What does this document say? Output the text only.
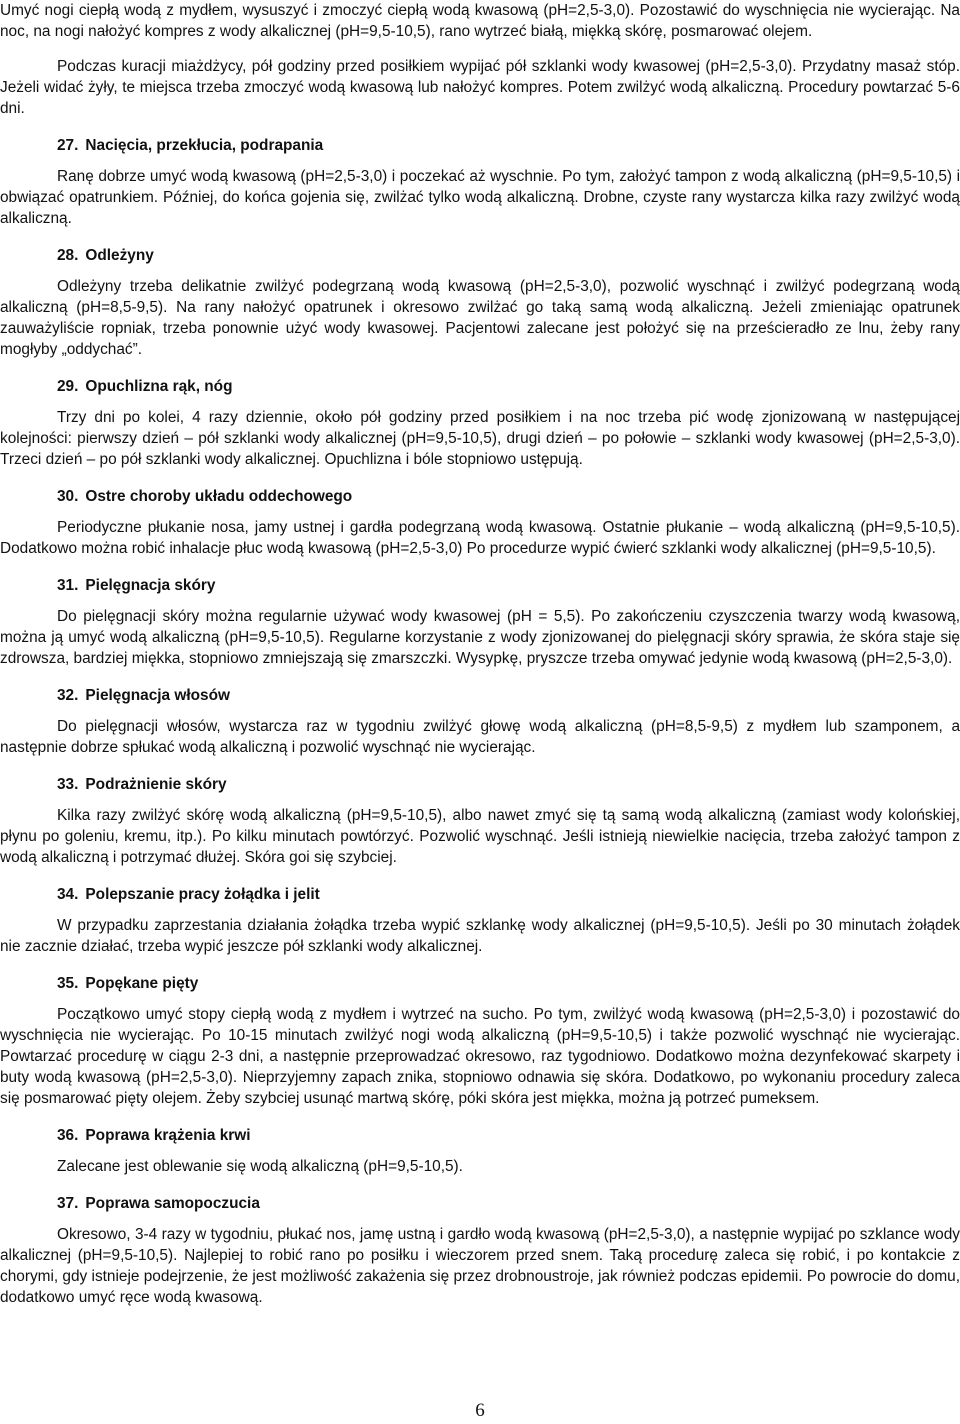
Umyć nogi ciepłą wodą z mydłem, wysuszyć i zmoczyć ciepłą wodą kwasową (pH=2,5-3,0). Pozostawić do wyschnięcia nie wycierając. Na noc, na nogi nałożyć kompres z wody alkalicznej (pH=9,5-10,5), rano wytrzeć białą, miękką skórę, posmarować olejem.

Podczas kuracji miażdżycy, pół godziny przed posiłkiem wypijać pół szklanki wody kwasowej (pH=2,5-3,0). Przydatny masaż stóp. Jeżeli widać żyły, te miejsca trzeba zmoczyć wodą kwasową lub nałożyć kompres. Potem zwilżyć wodą alkaliczną. Procedury powtarzać 5-6 dni.

27. Nacięcia, przekłucia, podrapania

Ranę dobrze umyć wodą kwasową (pH=2,5-3,0) i poczekać aż wyschnie. Po tym, założyć tampon z wodą alkaliczną (pH=9,5-10,5) i obwiązać opatrunkiem. Później, do końca gojenia się, zwilżać tylko wodą alkaliczną. Drobne, czyste rany wystarcza kilka razy zwilżyć wodą alkaliczną.

28. Odleżyny

Odleżyny trzeba delikatnie zwilżyć podegrzaną wodą kwasową (pH=2,5-3,0), pozwolić wyschnąć i zwilżyć podegrzaną wodą alkaliczną (pH=8,5-9,5). Na rany nałożyć opatrunek i okresowo zwilżać go taką samą wodą alkaliczną. Jeżeli zmieniając opatrunek zauważyliście ropniak, trzeba ponownie użyć wody kwasowej. Pacjentowi zalecane jest położyć się na prześcieradło ze lnu, żeby rany mogłyby „oddychać”.

29. Opuchlizna rąk, nóg

Trzy dni po kolei, 4 razy dziennie, około pół godziny przed posiłkiem i na noc trzeba pić wodę zjonizowaną w następującej kolejności: pierwszy dzień – pół szklanki wody alkalicznej (pH=9,5-10,5), drugi dzień – po połowie – szklanki wody kwasowej (pH=2,5-3,0). Trzeci dzień – po pół szklanki wody alkalicznej. Opuchlizna i bóle stopniowo ustępują.

30. Ostre choroby układu oddechowego

Periodyczne płukanie nosa, jamy ustnej i gardła podegrzaną wodą kwasową. Ostatnie płukanie – wodą alkaliczną (pH=9,5-10,5). Dodatkowo można robić inhalacje płuc wodą kwasową (pH=2,5-3,0) Po procedurze wypić ćwierć szklanki wody alkalicznej (pH=9,5-10,5).

31. Pielęgnacja skóry

Do pielęgnacji skóry można regularnie używać wody kwasowej (pH = 5,5). Po zakończeniu czyszczenia twarzy wodą kwasową, można ją umyć wodą alkaliczną (pH=9,5-10,5). Regularne korzystanie z wody zjonizowanej do pielęgnacji skóry sprawia, że skóra staje się zdrowsza, bardziej miękka, stopniowo zmniejszają się zmarszczki. Wysypkę, pryszcze trzeba omywać jedynie wodą kwasową (pH=2,5-3,0).

32. Pielęgnacja włosów

Do pielęgnacji włosów, wystarcza raz w tygodniu zwilżyć głowę wodą alkaliczną (pH=8,5-9,5) z mydłem lub szamponem, a następnie dobrze spłukać wodą alkaliczną i pozwolić wyschnąć nie wycierając.

33. Podrażnienie skóry

Kilka razy zwilżyć skórę wodą alkaliczną (pH=9,5-10,5), albo nawet zmyć się tą samą wodą alkaliczną (zamiast wody kolońskiej, płynu po goleniu, kremu, itp.). Po kilku minutach powtórzyć. Pozwolić wyschnąć. Jeśli istnieją niewielkie nacięcia, trzeba założyć tampon z wodą alkaliczną i potrzymać dłużej. Skóra goi się szybciej.

34. Polepszanie pracy żołądka i jelit

W przypadku zaprzestania działania żołądka trzeba wypić szklankę wody alkalicznej (pH=9,5-10,5). Jeśli po 30 minutach żołądek nie zacznie działać, trzeba wypić jeszcze pół szklanki wody alkalicznej.

35. Popękane pięty

Początkowo umyć stopy ciepłą wodą z mydłem i wytrzeć na sucho. Po tym, zwilżyć wodą kwasową (pH=2,5-3,0) i pozostawić do wyschnięcia nie wycierając. Po 10-15 minutach zwilżyć nogi wodą alkaliczną (pH=9,5-10,5) i także pozwolić wyschnąć nie wycierając. Powtarzać procedurę w ciągu 2-3 dni, a następnie przeprowadzać okresowo, raz tygodniowo. Dodatkowo można dezynfekować skarpety i buty wodą kwasową (pH=2,5-3,0). Nieprzyjemny zapach znika, stopniowo odnawia się skóra. Dodatkowo, po wykonaniu procedury zaleca się posmarować pięty olejem. Żeby szybciej usunąć martwą skórę, póki skóra jest miękka, można ją potrzeć pumeksem.

36. Poprawa krążenia krwi

Zalecane jest oblewanie się wodą alkaliczną (pH=9,5-10,5).

37. Poprawa samopoczucia

Okresowo, 3-4 razy w tygodniu, płukać nos, jamę ustną i gardło wodą kwasową (pH=2,5-3,0), a następnie wypijać po szklance wody alkalicznej (pH=9,5-10,5). Najlepiej to robić rano po posiłku i wieczorem przed snem. Taką procedurę zaleca się robić, i po kontakcie z chorymi, gdy istnieje podejrzenie, że jest możliwość zakażenia się przez drobnoustroje, jak również podczas epidemii. Po powrocie do domu, dodatkowo umyć ręce wodą kwasową.

6
